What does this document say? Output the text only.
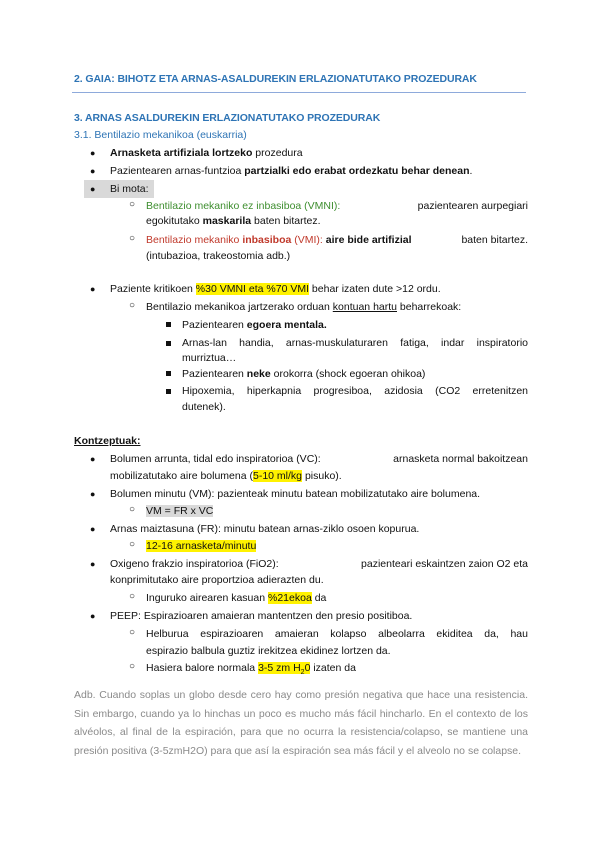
2. GAIA: BIHOTZ ETA ARNAS-ASALDUREKIN ERLAZIONATUTAKO PROZEDURAK
3. ARNAS ASALDUREKIN ERLAZIONATUTAKO PROZEDURAK
3.1. Bentilazio mekanikoa (euskarria)
● Arnasketa artifiziala lortzeko prozedura
● Pazientearen arnas-funtzioa partzialki edo erabat ordezkatu behar denean.
● Bi mota:
○ Bentilazio mekaniko ez inbasiboa (VMNI):	pazientearen aurpegiari
egokitutako maskarila baten bitartez.
○ Bentilazio mekaniko inbasiboa (VMI): aire bide artifizial	baten bitartez.
(intubazioa, trakeostomia adb.)
● Paziente kritikoen %30 VMNI eta %70 VMI behar izaten dute >12 ordu.
○ Bentilazio mekanikoa jartzerako orduan kontuan hartu beharrekoak:
Pazientearen egoera mentala.
Arnas-lan handia, arnas-muskulaturaren fatiga, indar inspiratorio
murriztua…
Pazientearen neke orokorra (shock egoeran ohikoa)
Hipoxemia, hiperkapnia progresiboa, azidosia (CO2 erretenitzen
dutenek).
Kontzeptuak:
● Bolumen arrunta, tidal edo inspiratorioa (VC):	arnasketa normal bakoitzean
mobilizatutako aire bolumena (5-10 ml/kg pisuko).
● Bolumen minutu (VM): pazienteak minutu batean mobilizatutako aire bolumena.
○ VM = FR x VC
● Arnas maiztasuna (FR): minutu batean arnas-ziklo osoen kopurua.
○ 12-16 arnasketa/minutu
● Oxigeno frakzio inspiratorioa (FiO2):	pazienteari eskaintzen zaion O2 eta
konprimitutako aire proportzioa adierazten du.
○ Inguruko airearen kasuan %21ekoa da
● PEEP: Espirazioaren amaieran mantentzen den presio positiboa.
○ Helburua espirazioaren amaieran kolapso albeolarra ekiditea da, hau
espirazio balbula guztiz irekitzea ekidinez lortzen da.
○ Hasiera balore normala 3-5 zm $H_20$ izaten da
Adb. Cuando soplas un globo desde cero hay como presión negativa que hace una resistencia. Sin embargo, cuando ya lo hinchas un poco es mucho más fácil hincharlo. En el contexto de los alvéolos, al final de la espiración, para que no ocurra la resistencia/colapso, se mantiene una presión positiva (3-5zmH2O) para que así la espiración sea más fácil y el alveolo no se colapse.
